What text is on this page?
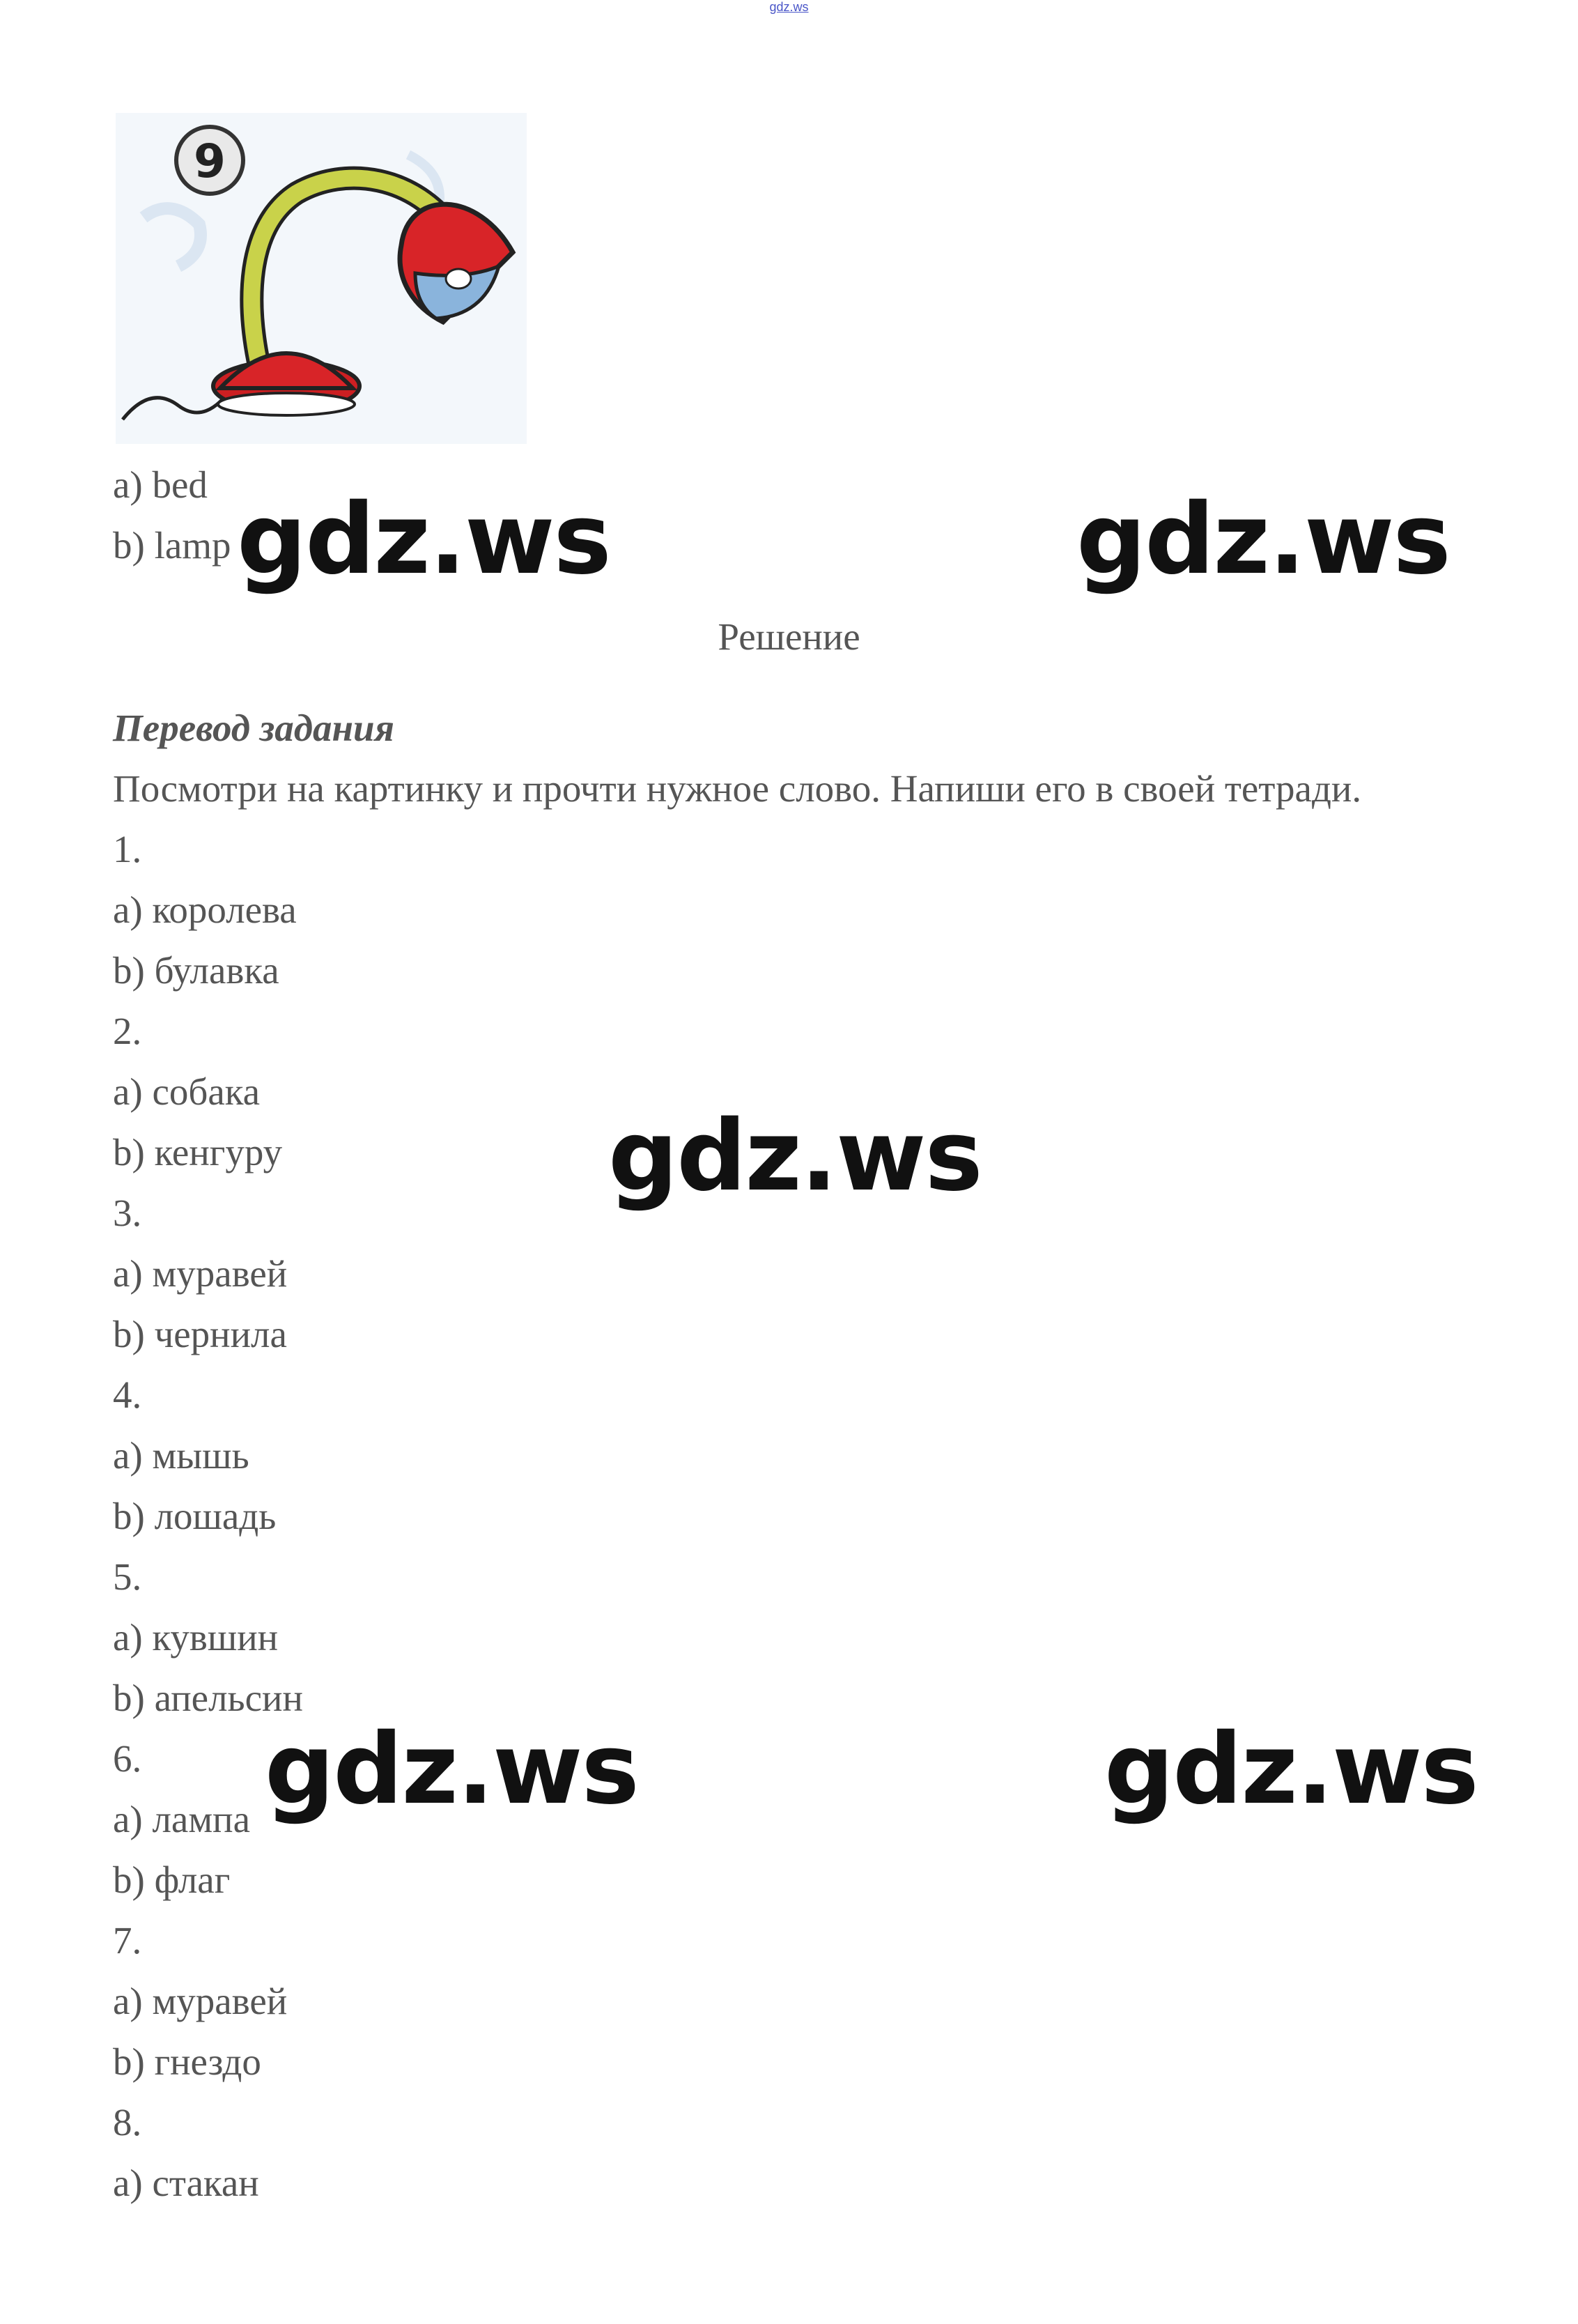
gdz.ws
9
a) bed
b) lamp
Решение
Перевод задания
Посмотри на картинку и прочти нужное слово. Напиши его в своей тетради.
1.
a) королева
b) булавка
2.
a) собака
b) кенгуру
3.
a) муравей
b) чернила
4.
a) мышь
b) лошадь
5.
a) кувшин
b) апельсин
6.
a) лампа
b) флаг
7.
a) муравей
b) гнездо
8.
a) стакан
gdz.ws	gdz.ws
gdz.ws
gdz.ws	gdz.ws
